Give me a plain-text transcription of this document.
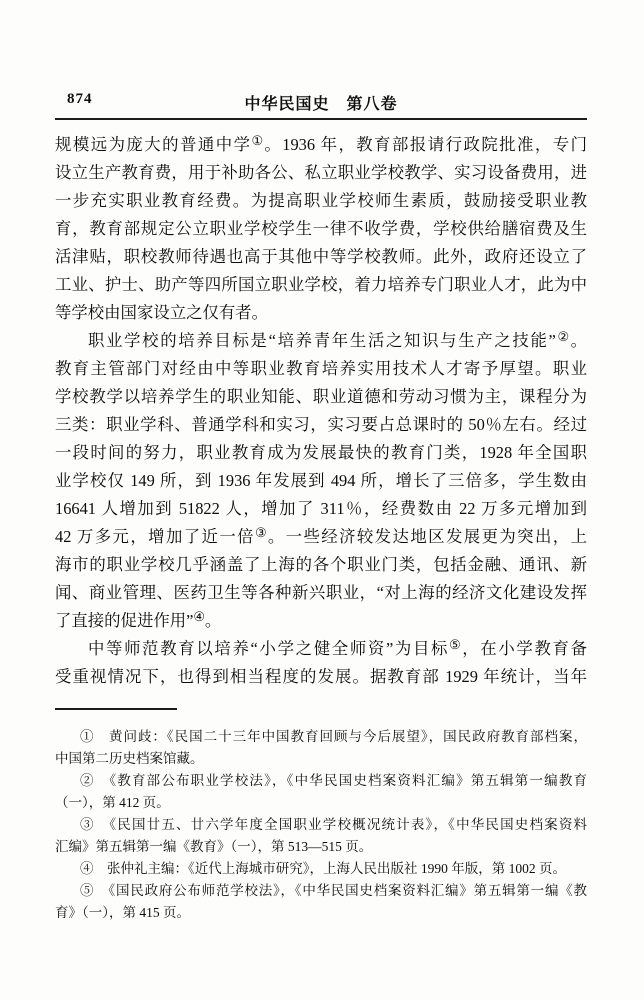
874	中华民国史　第八卷
规模远为庞大的普通中学①。1936 年，教育部报请行政院批准，专门
设立生产教育费，用于补助各公、私立职业学校教学、实习设备费用，进
一步充实职业教育经费。为提高职业学校师生素质，鼓励接受职业教
育，教育部规定公立职业学校学生一律不收学费，学校供给膳宿费及生
活津贴，职校教师待遇也高于其他中等学校教师。此外，政府还设立了
工业、护士、助产等四所国立职业学校，着力培养专门职业人才，此为中
等学校由国家设立之仅有者。
职业学校的培养目标是“培养青年生活之知识与生产之技能”②。
教育主管部门对经由中等职业教育培养实用技术人才寄予厚望。职业
学校教学以培养学生的职业知能、职业道德和劳动习惯为主，课程分为
三类：职业学科、普通学科和实习，实习要占总课时的 50％左右。经过
一段时间的努力，职业教育成为发展最快的教育门类，1928 年全国职
业学校仅 149 所，到 1936 年发展到 494 所，增长了三倍多，学生数由
16641 人增加到 51822 人，增加了 311％，经费数由 22 万多元增加到
42 万多元，增加了近一倍③。一些经济较发达地区发展更为突出，上
海市的职业学校几乎涵盖了上海的各个职业门类，包括金融、通讯、新
闻、商业管理、医药卫生等各种新兴职业，“对上海的经济文化建设发挥
了直接的促进作用”④。
中等师范教育以培养“小学之健全师资”为目标⑤，在小学教育备
受重视情况下，也得到相当程度的发展。据教育部 1929 年统计，当年
①　黄问歧：《民国二十三年中国教育回顾与今后展望》，国民政府教育部档案，
中国第二历史档案馆藏。
②　《教育部公布职业学校法》，《中华民国史档案资料汇编》第五辑第一编教育
（一），第 412 页。
③　《民国廿五、廿六学年度全国职业学校概况统计表》，《中华民国史档案资料
汇编》第五辑第一编《教育》（一），第 513—515 页。
④　张仲礼主编：《近代上海城市研究》，上海人民出版社 1990 年版，第 1002 页。
⑤　《国民政府公布师范学校法》，《中华民国史档案资料汇编》第五辑第一编《教
育》（一），第 415 页。
